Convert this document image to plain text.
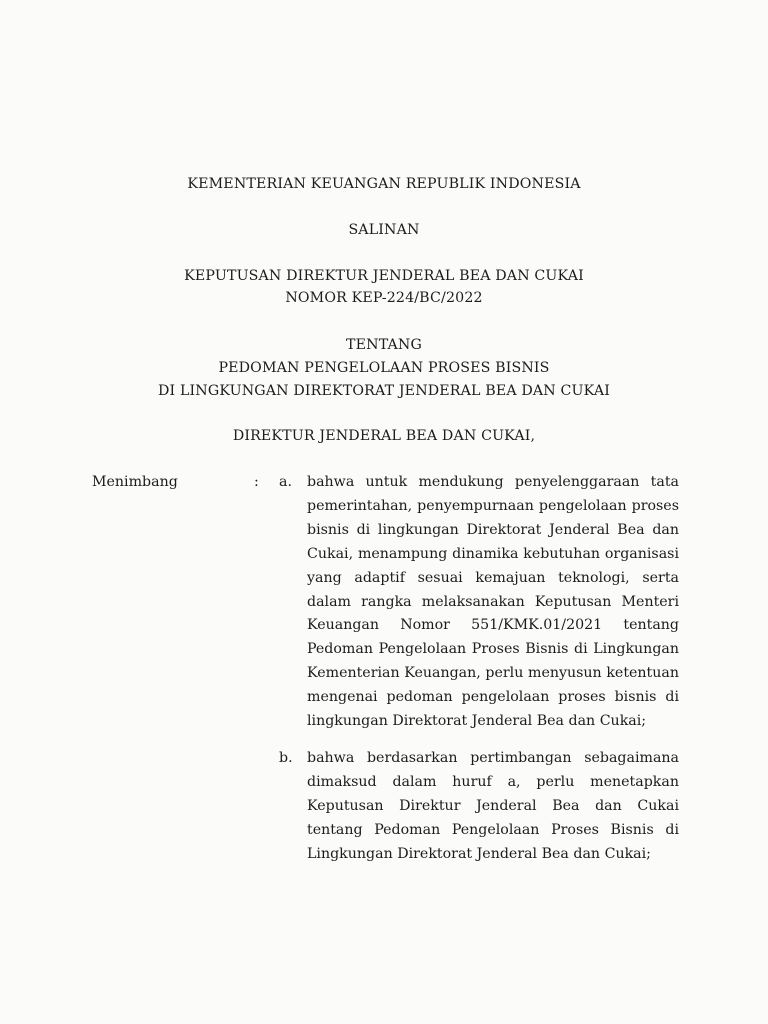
KEMENTERIAN KEUANGAN REPUBLIK INDONESIA
SALINAN
KEPUTUSAN DIREKTUR JENDERAL BEA DAN CUKAI
NOMOR KEP-224/BC/2022
TENTANG
PEDOMAN PENGELOLAAN PROSES BISNIS
DI LINGKUNGAN DIREKTORAT JENDERAL BEA DAN CUKAI
DIREKTUR JENDERAL BEA DAN CUKAI,
Menimbang	: a. bahwa untuk mendukung penyelenggaraan tata pemerintahan, penyempurnaan pengelolaan proses bisnis di lingkungan Direktorat Jenderal Bea dan Cukai, menampung dinamika kebutuhan organisasi yang adaptif sesuai kemajuan teknologi, serta dalam rangka melaksanakan Keputusan Menteri Keuangan Nomor 551/KMK.01/2021 tentang Pedoman Pengelolaan Proses Bisnis di Lingkungan Kementerian Keuangan, perlu menyusun ketentuan mengenai pedoman pengelolaan proses bisnis di lingkungan Direktorat Jenderal Bea dan Cukai;
b. bahwa berdasarkan pertimbangan sebagaimana dimaksud dalam huruf a, perlu menetapkan Keputusan Direktur Jenderal Bea dan Cukai tentang Pedoman Pengelolaan Proses Bisnis di Lingkungan Direktorat Jenderal Bea dan Cukai;
